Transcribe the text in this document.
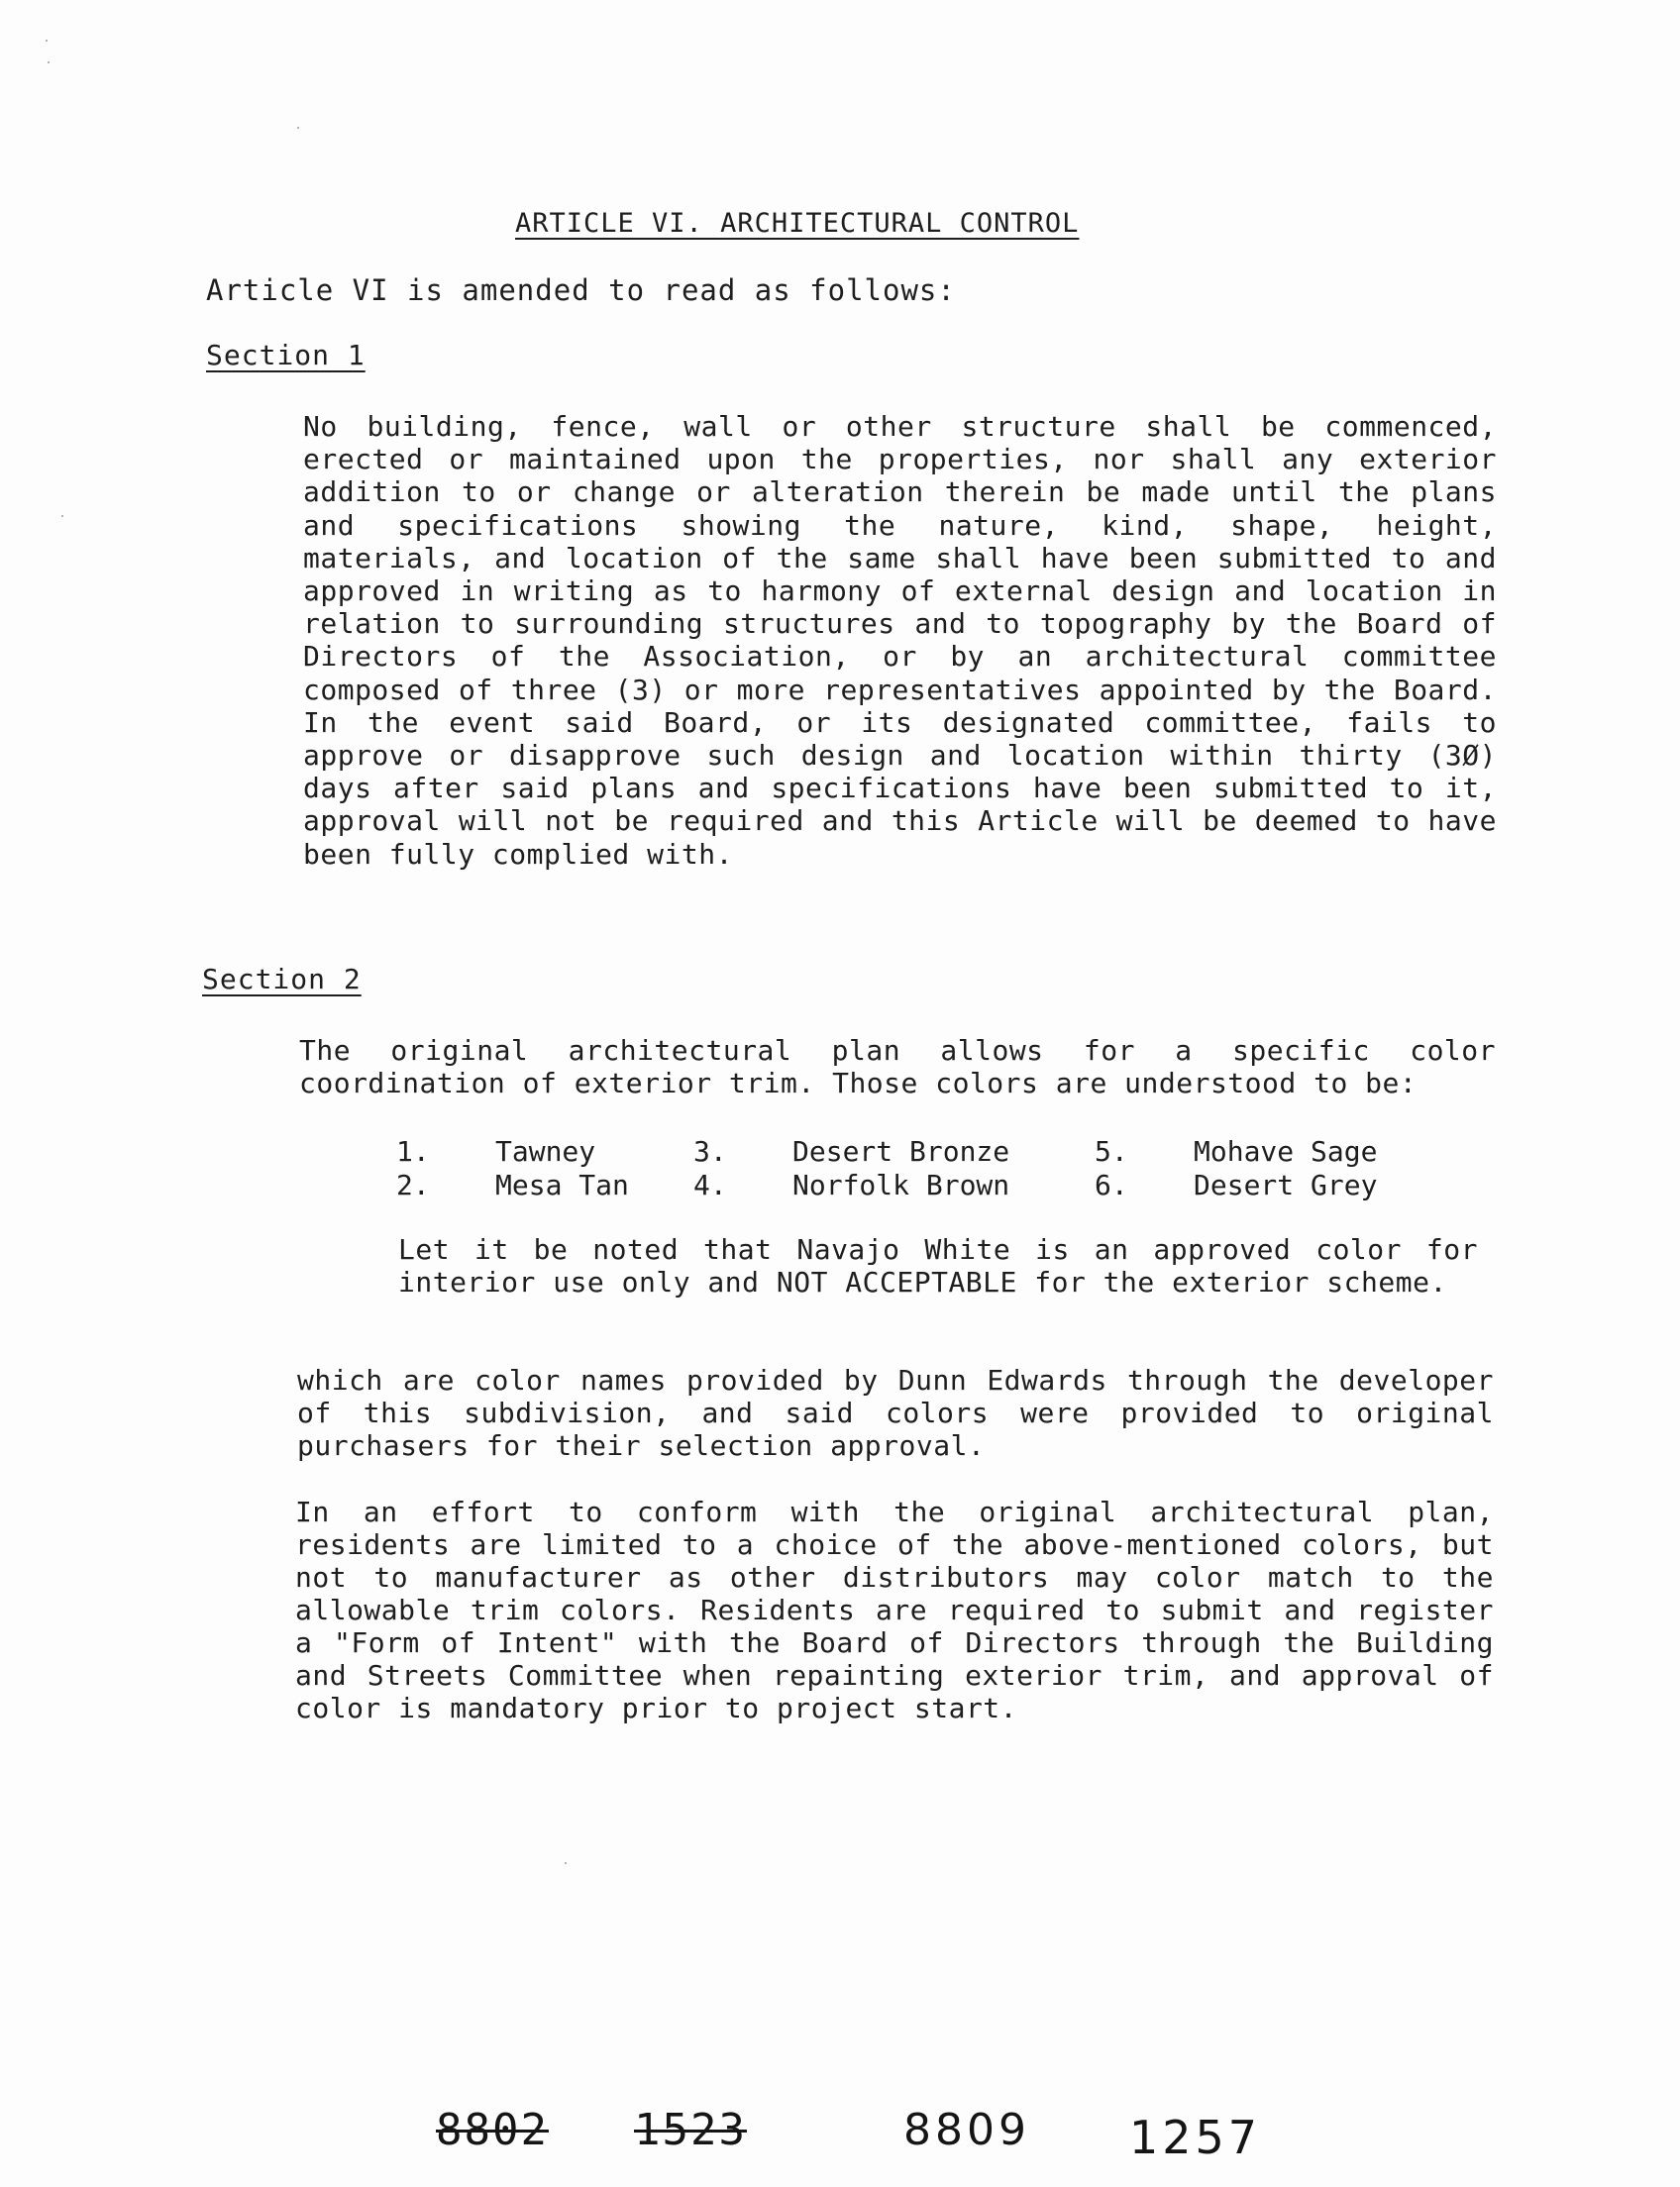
ARTICLE VI. ARCHITECTURAL CONTROL
Article VI is amended to read as follows:
Section 1
No building, fence, wall or other structure shall be commenced, erected or maintained upon the properties, nor shall any exterior addition to or change or alteration therein be made until the plans and specifications showing the nature, kind, shape, height, materials, and location of the same shall have been submitted to and approved in writing as to harmony of external design and location in relation to surrounding structures and to topography by the Board of Directors of the Association, or by an architectural committee composed of three (3) or more representatives appointed by the Board. In the event said Board, or its designated committee, fails to approve or disapprove such design and location within thirty (3Ø) days after said plans and specifications have been submitted to it, approval will not be required and this Article will be deemed to have been fully complied with.
Section 2
The original architectural plan allows for a specific color coordination of exterior trim. Those colors are understood to be:
1.	Tawney	3.	Desert Bronze	5.	Mohave Sage
2.	Mesa Tan	4.	Norfolk Brown	6.	Desert Grey
Let it be noted that Navajo White is an approved color for interior use only and NOT ACCEPTABLE for the exterior scheme.
which are color names provided by Dunn Edwards through the developer of this subdivision, and said colors were provided to original purchasers for their selection approval.
In an effort to conform with the original architectural plan, residents are limited to a choice of the above-mentioned colors, but not to manufacturer as other distributors may color match to the allowable trim colors. Residents are required to submit and register a "Form of Intent" with the Board of Directors through the Building and Streets Committee when repainting exterior trim, and approval of color is mandatory prior to project start.
8802 1523	8809 1257
